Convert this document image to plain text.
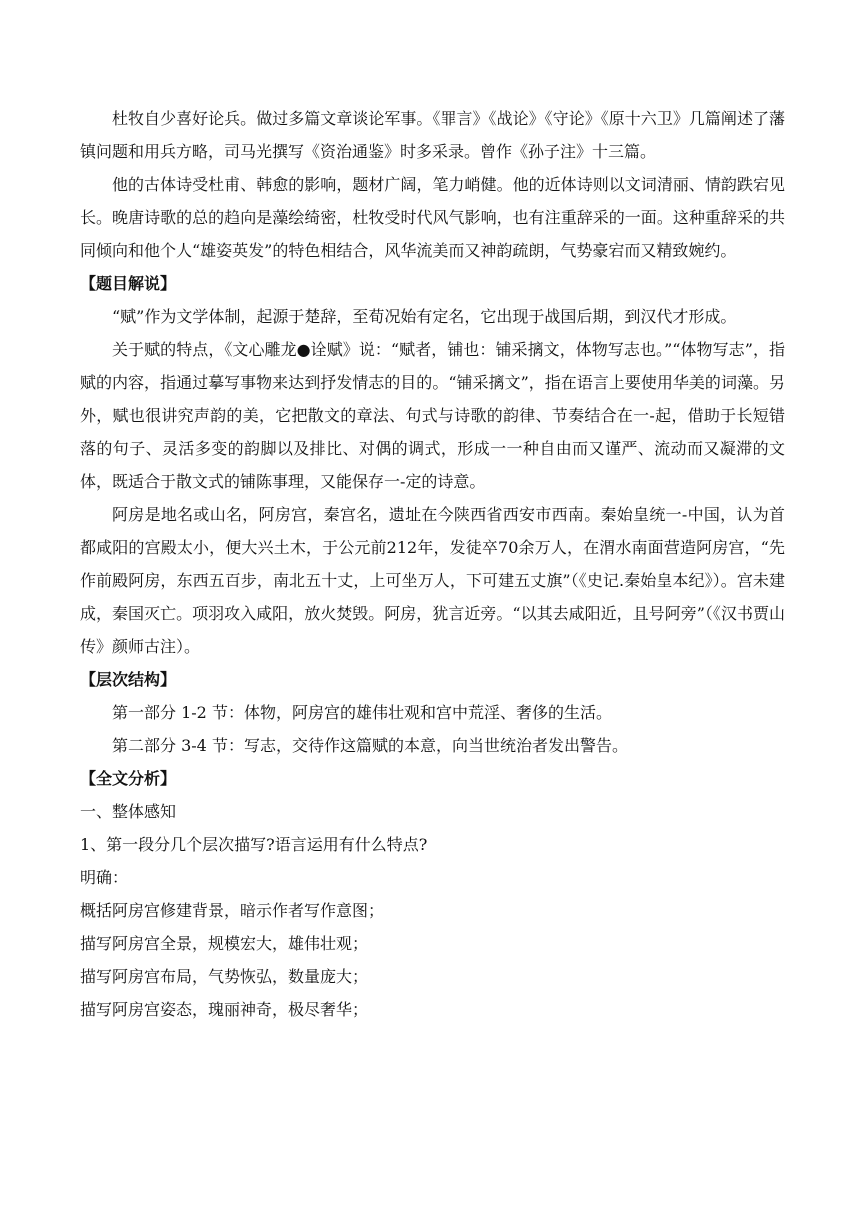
杜牧自少喜好论兵。做过多篇文章谈论军事。《罪言》《战论》《守论》《原十六卫》几篇阐述了藩镇问题和用兵方略，司马光撰写《资治通鉴》时多采录。曾作《孙子注》十三篇。

他的古体诗受杜甫、韩愈的影响，题材广阔，笔力峭健。他的近体诗则以文词清丽、情韵跌宕见长。晚唐诗歌的总的趋向是藻绘绮密，杜牧受时代风气影响，也有注重辞采的一面。这种重辞采的共同倾向和他个人“雄姿英发”的特色相结合，风华流美而又神韵疏朗，气势豪宕而又精致婉约。

【题目解说】

“赋”作为文学体制，起源于楚辞，至荀况始有定名，它出现于战国后期，到汉代才形成。

关于赋的特点，《文心雕龙●诠赋》说：“赋者，铺也：铺采摛文，体物写志也。”“体物写志”，指赋的内容，指通过摹写事物来达到抒发情志的目的。“铺采摛文”，指在语言上要使用华美的词藻。另外，赋也很讲究声韵的美，它把散文的章法、句式与诗歌的韵律、节奏结合在一-起，借助于长短错落的句子、灵活多变的韵脚以及排比、对偶的调式，形成一一种自由而又谨严、流动而又凝滞的文体，既适合于散文式的铺陈事理，又能保存一-定的诗意。

阿房是地名或山名，阿房宫，秦宫名，遗址在今陕西省西安市西南。秦始皇统一-中国，认为首都咸阳的宫殿太小，便大兴土木，于公元前212年，发徒卒70余万人，在渭水南面营造阿房宫，“先作前殿阿房，东西五百步，南北五十丈，上可坐万人，下可建五丈旗”（《史记.秦始皇本纪》）。宫未建成，秦国灭亡。项羽攻入咸阳，放火焚毁。阿房，犹言近旁。“以其去咸阳近，且号阿旁”（《汉书贾山传》颜师古注）。

【层次结构】

第一部分 1-2 节：体物，阿房宫的雄伟壮观和宫中荒淫、奢侈的生活。

第二部分 3-4 节：写志，交待作这篇赋的本意，向当世统治者发出警告。

【全文分析】

一、整体感知

1、第一段分几个层次描写?语言运用有什么特点?

明确：

概括阿房宫修建背景，暗示作者写作意图；

描写阿房宫全景，规模宏大，雄伟壮观；

描写阿房宫布局，气势恢弘，数量庞大；

描写阿房宫姿态，瑰丽神奇，极尽奢华；
